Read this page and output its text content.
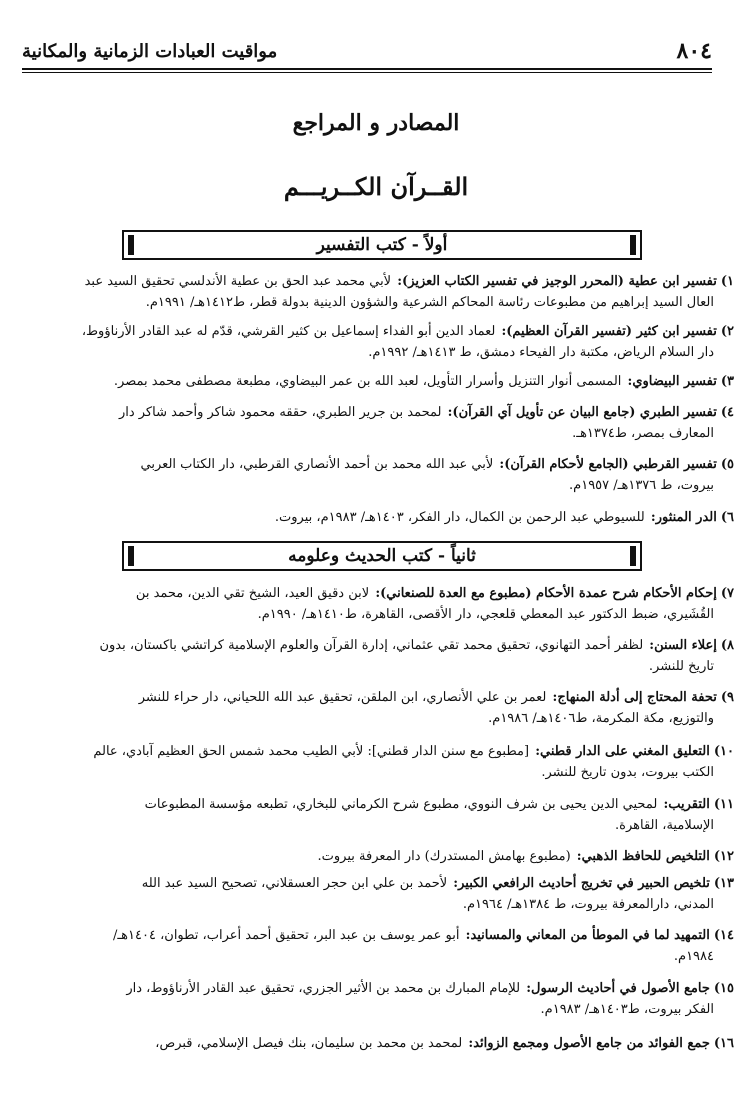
٨٠٤
مواقيت العبادات الزمانية والمكانية
المصادر و المراجع
القــرآن الكــريـــم
أولاً - كتب التفسير
ثانياً - كتب الحديث وعلومه
١)تفسير ابن عطية (المحرر الوجيز في تفسير الكتاب العزيز): لأبي محمد عبد الحق بن عطية الأندلسي تحقيق السيد عبد
العال السيد إبراهيم من مطبوعات رئاسة المحاكم الشرعية والشؤون الدينية بدولة قطر، ط١٤١٢هـ/ ١٩٩١م.
٢)تفسير ابن كثير (تفسير القرآن العظيم): لعماد الدين أبو الفداء إسماعيل بن كثير القرشي، قدّم له عبد القادر الأرناؤوط،
دار السلام الرياض، مكتبة دار الفيحاء دمشق، ط ١٤١٣هـ/ ١٩٩٢م.
٣)تفسير البيضاوي: المسمى أنوار التنزيل وأسرار التأويل، لعبد الله بن عمر البيضاوي، مطبعة مصطفى محمد بمصر.
٤)تفسير الطبري (جامع البيان عن تأويل آي القرآن): لمحمد بن جرير الطبري، حققه محمود شاكر وأحمد شاكر دار
المعارف بمصر، ط١٣٧٤هـ.
٥)تفسير القرطبي (الجامع لأحكام القرآن): لأبي عبد الله محمد بن أحمد الأنصاري القرطبي، دار الكتاب العربي
بيروت، ط ١٣٧٦هـ/ ١٩٥٧م.
٦)الدر المنثور: للسيوطي عبد الرحمن بن الكمال، دار الفكر، ١٤٠٣هـ/ ١٩٨٣م، بيروت.
٧)إحكام الأحكام شرح عمدة الأحكام (مطبوع مع العدة للصنعاني): لابن دقيق العيد، الشيخ تقي الدين، محمد بن
القُشَيري، ضبط الدكتور عبد المعطي قلعجي، دار الأقصى، القاهرة، ط١٤١٠هـ/ ١٩٩٠م.
٨)إعلاء السنن: لظفر أحمد التهانوي، تحقيق محمد تقي عثماني، إدارة القرآن والعلوم الإسلامية كراتشي باكستان، بدون
تاريخ للنشر.
٩)تحفة المحتاج إلى أدلة المنهاج: لعمر بن علي الأنصاري، ابن الملقن، تحقيق عبد الله اللحياني، دار حراء للنشر
والتوزيع، مكة المكرمة، ط١٤٠٦هـ/ ١٩٨٦م.
١٠)التعليق المغني على الدار قطني: [مطبوع مع سنن الدار قطني]: لأبي الطيب محمد شمس الحق العظيم آبادي، عالم
الكتب بيروت، بدون تاريخ للنشر.
١١)التقريب: لمحيي الدين يحيى بن شرف النووي، مطبوع شرح الكرماني للبخاري، تطبعه مؤسسة المطبوعات
الإسلامية، القاهرة.
١٢)التلخيص للحافظ الذهبي: (مطبوع بهامش المستدرك) دار المعرفة بيروت.
١٣)تلخيص الحبير في تخريج أحاديث الرافعي الكبير: لأحمد بن علي ابن حجر العسقلاني، تصحيح السيد عبد الله
المدني، دارالمعرفة بيروت، ط ١٣٨٤هـ/ ١٩٦٤م.
١٤)التمهيد لما في الموطأ من المعاني والمسانيد: أبو عمر يوسف بن عبد البر، تحقيق أحمد أعراب، تطوان، ١٤٠٤هـ/
١٩٨٤م.
١٥)جامع الأصول في أحاديث الرسول: للإمام المبارك بن محمد بن الأثير الجزري، تحقيق عبد القادر الأرناؤوط، دار
الفكر بيروت، ط١٤٠٣هـ/ ١٩٨٣م.
١٦)جمع الفوائد من جامع الأصول ومجمع الزوائد: لمحمد بن محمد بن سليمان، بنك فيصل الإسلامي، قبرص،
